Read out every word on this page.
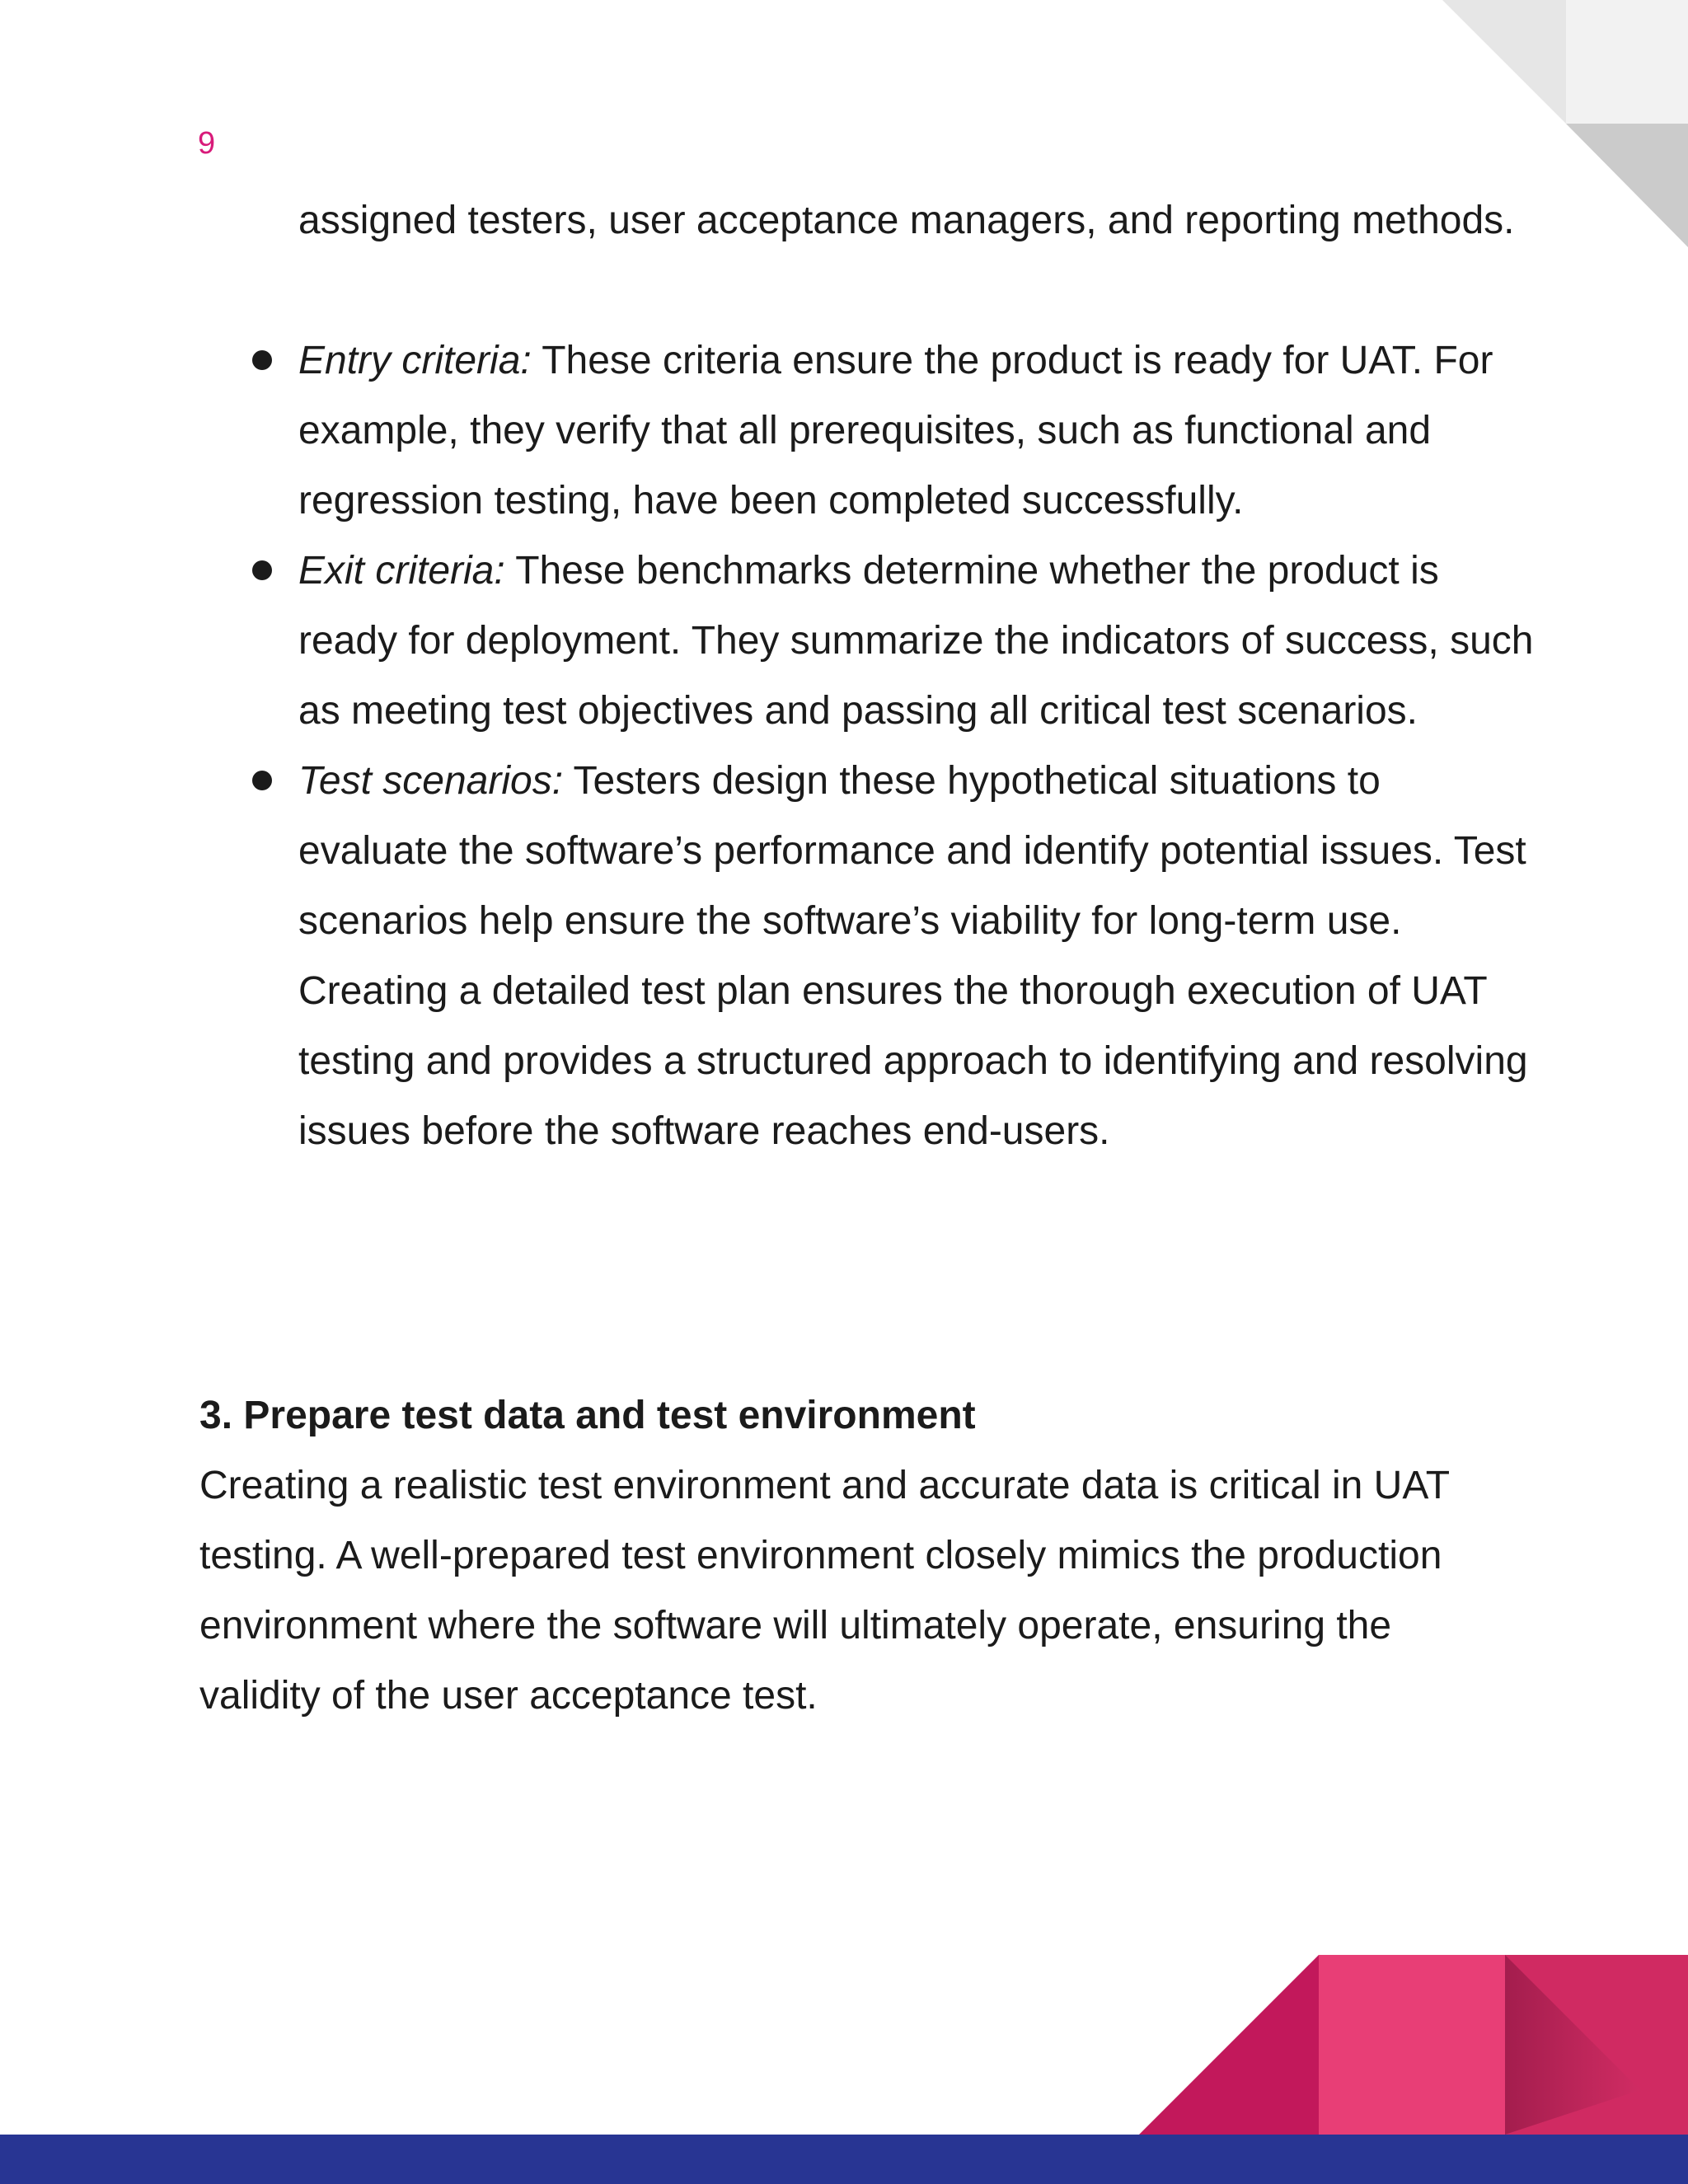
9

assigned testers, user acceptance managers, and reporting methods.

Entry criteria: These criteria ensure the product is ready for UAT. For example, they verify that all prerequisites, such as functional and regression testing, have been completed successfully.
Exit criteria: These benchmarks determine whether the product is ready for deployment. They summarize the indicators of success, such as meeting test objectives and passing all critical test scenarios.
Test scenarios: Testers design these hypothetical situations to evaluate the software’s performance and identify potential issues. Test scenarios help ensure the software’s viability for long-term use. Creating a detailed test plan ensures the thorough execution of UAT testing and provides a structured approach to identifying and resolving issues before the software reaches end-users.
3. Prepare test data and test environment

Creating a realistic test environment and accurate data is critical in UAT testing. A well-prepared test environment closely mimics the production environment where the software will ultimately operate, ensuring the validity of the user acceptance test.
